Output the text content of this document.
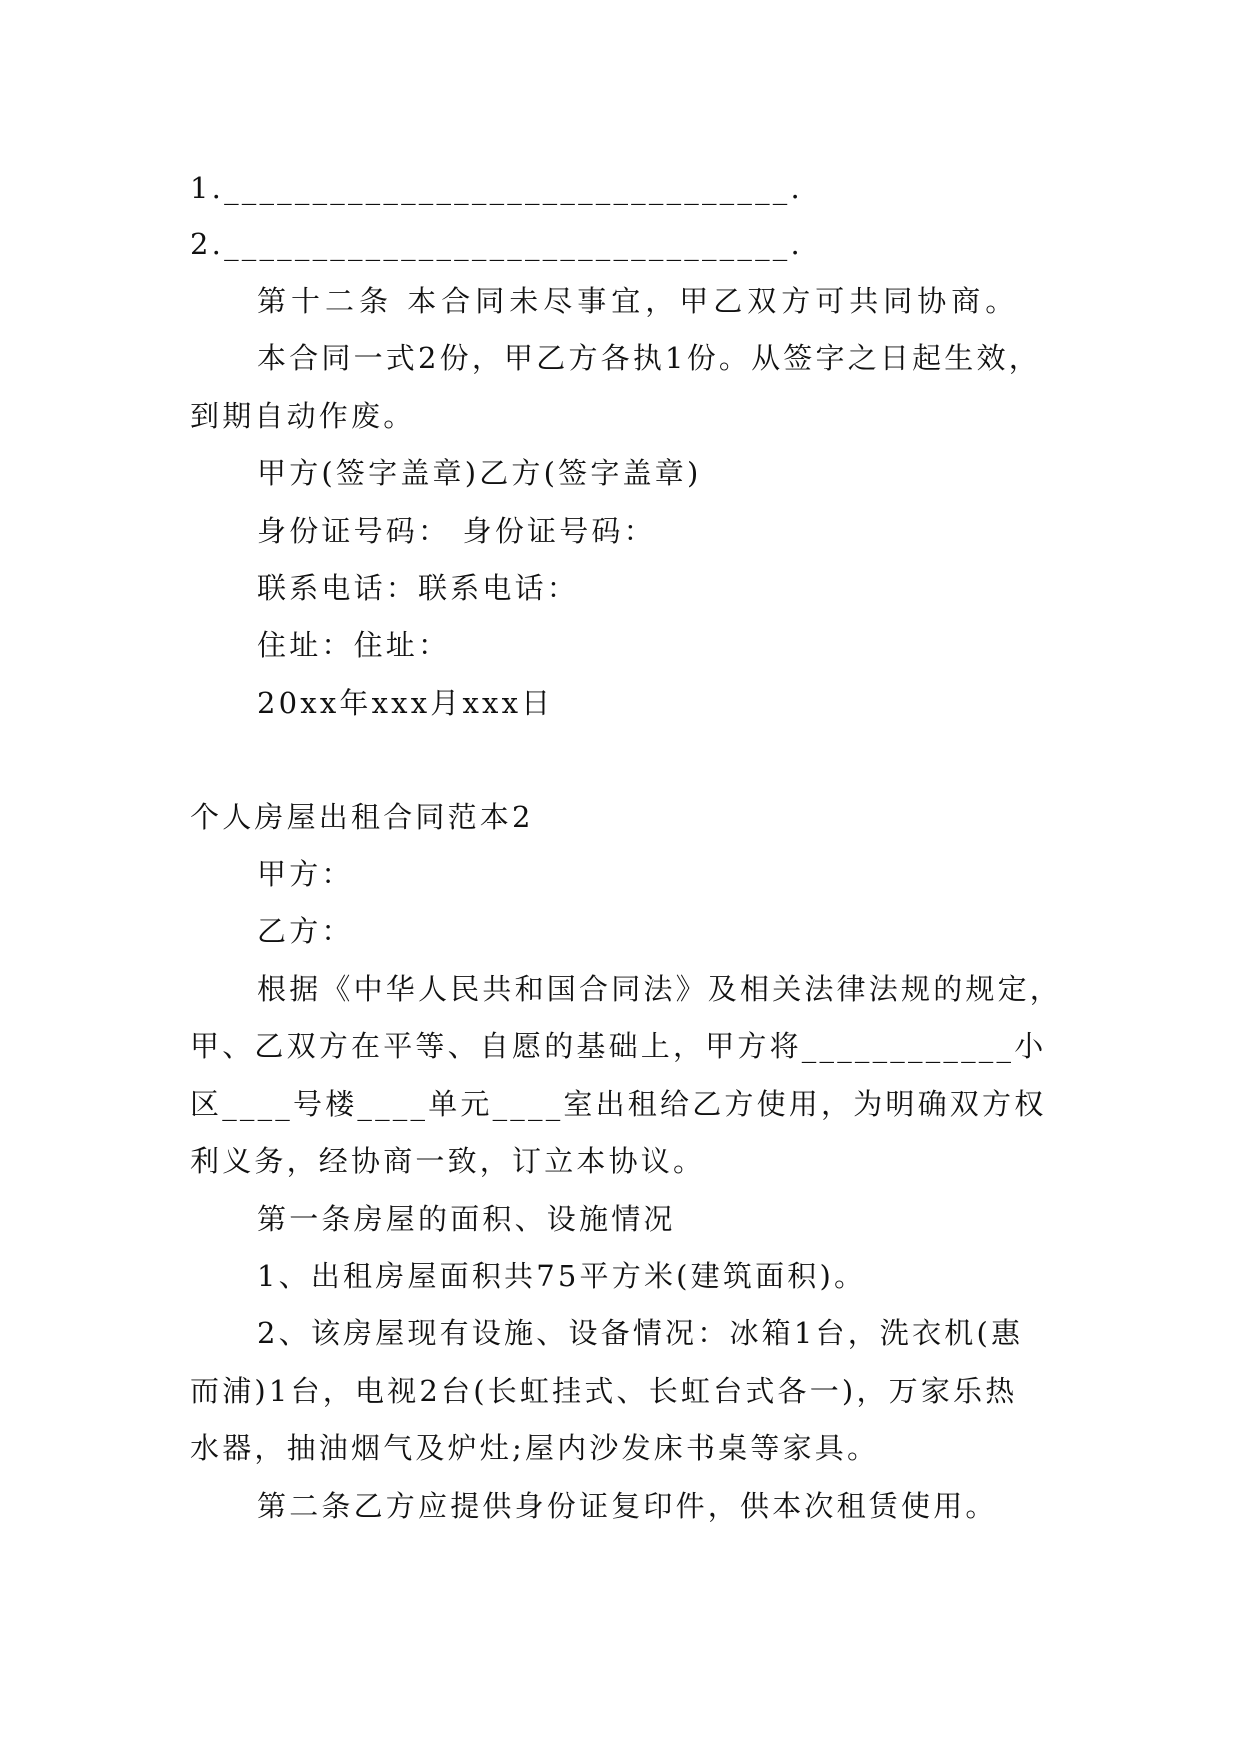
1.________________________________.
2.________________________________.
第十二条 本合同未尽事宜，甲乙双方可共同协商。
本合同一式2份，甲乙方各执1份。从签字之日起生效，
到期自动作废。
甲方(签字盖章)乙方(签字盖章)
身份证号码： 身份证号码：
联系电话：联系电话：
住址：住址：
20xx年xxx月xxx日
个人房屋出租合同范本2
甲方：
乙方：
根据《中华人民共和国合同法》及相关法律法规的规定，
甲、乙双方在平等、自愿的基础上，甲方将____________小
区____号楼____单元____室出租给乙方使用，为明确双方权
利义务，经协商一致，订立本协议。
第一条房屋的面积、设施情况
1、出租房屋面积共75平方米(建筑面积)。
2、该房屋现有设施、设备情况：冰箱1台，洗衣机(惠
而浦)1台，电视2台(长虹挂式、长虹台式各一)，万家乐热
水器，抽油烟气及炉灶;屋内沙发床书桌等家具。
第二条乙方应提供身份证复印件，供本次租赁使用。
